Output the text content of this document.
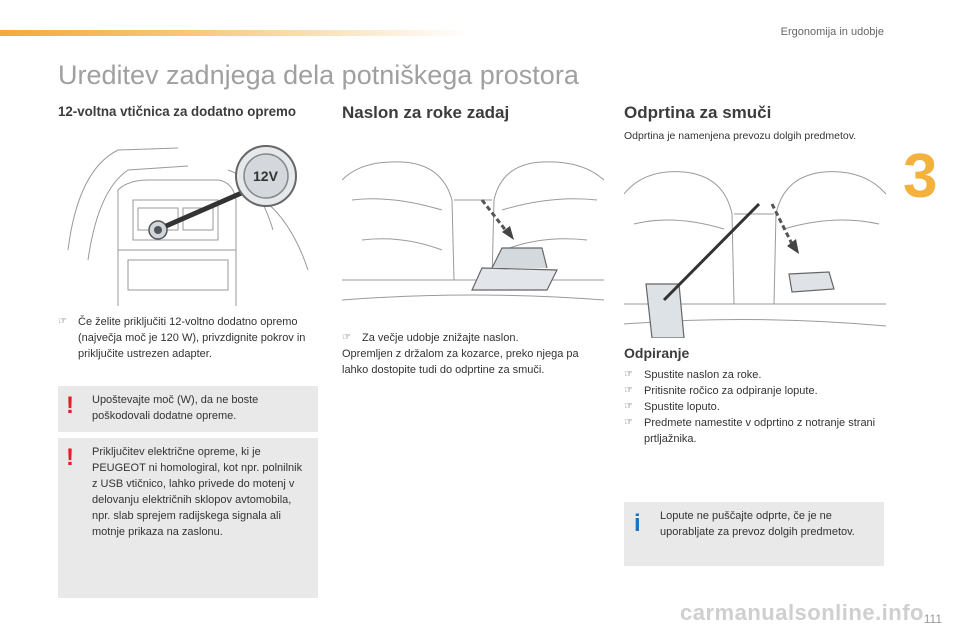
Ergonomija in udobje
Ureditev zadnjega dela potniškega prostora
3
12-voltna vtičnica za dodatno opremo
12V
☞	Če želite priključiti 12-voltno dodatno opremo (največja moč je 120 W), privzdignite pokrov in priključite ustrezen adapter.
! Upoštevajte moč (W), da ne boste poškodovali dodatne opreme.
! Priključitev električne opreme, ki je PEUGEOT ni homologiral, kot npr. polnilnik z USB vtičnico, lahko privede do motenj v delovanju električnih sklopov avtomobila, npr. slab sprejem radijskega signala ali motnje prikaza na zaslonu.
Naslon za roke zadaj
☞	Za večje udobje znižajte naslon.
Opremljen z držalom za kozarce, preko njega pa lahko dostopite tudi do odprtine za smuči.
Odprtina za smuči
Odprtina je namenjena prevozu dolgih predmetov.
Odpiranje
☞	Spustite naslon za roke.
☞	Pritisnite ročico za odpiranje lopute.
☞	Spustite loputo.
☞	Predmete namestite v odprtino z notranje strani prtljažnika.
i Lopute ne puščajte odprte, če je ne uporabljate za prevoz dolgih predmetov.
carmanualsonline.info 111
